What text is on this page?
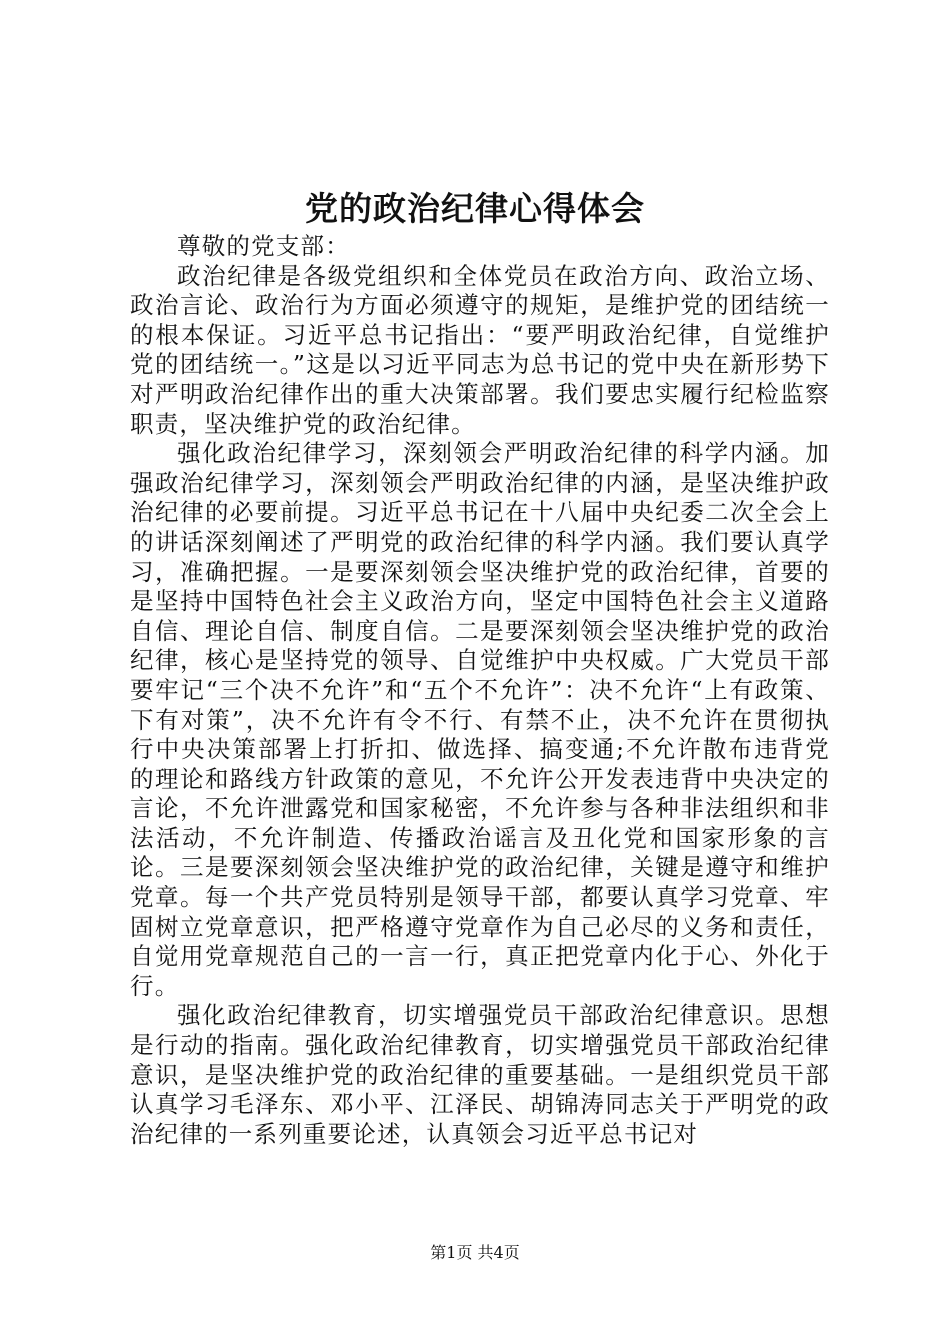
党的政治纪律心得体会

尊敬的党支部：

政治纪律是各级党组织和全体党员在政治方向、政治立场、政治言论、政治行为方面必须遵守的规矩，是维护党的团结统一的根本保证。习近平总书记指出：“要严明政治纪律，自觉维护党的团结统一。”这是以习近平同志为总书记的党中央在新形势下对严明政治纪律作出的重大决策部署。我们要忠实履行纪检监察职责，坚决维护党的政治纪律。

强化政治纪律学习，深刻领会严明政治纪律的科学内涵。加强政治纪律学习，深刻领会严明政治纪律的内涵，是坚决维护政治纪律的必要前提。习近平总书记在十八届中央纪委二次全会上的讲话深刻阐述了严明党的政治纪律的科学内涵。我们要认真学习，准确把握。一是要深刻领会坚决维护党的政治纪律，首要的是坚持中国特色社会主义政治方向，坚定中国特色社会主义道路自信、理论自信、制度自信。二是要深刻领会坚决维护党的政治纪律，核心是坚持党的领导、自觉维护中央权威。广大党员干部要牢记“三个决不允许”和“五个不允许”：决不允许“上有政策、下有对策”，决不允许有令不行、有禁不止，决不允许在贯彻执行中央决策部署上打折扣、做选择、搞变通;不允许散布违背党的理论和路线方针政策的意见，不允许公开发表违背中央决定的言论，不允许泄露党和国家秘密，不允许参与各种非法组织和非法活动，不允许制造、传播政治谣言及丑化党和国家形象的言论。三是要深刻领会坚决维护党的政治纪律，关键是遵守和维护党章。每一个共产党员特别是领导干部，都要认真学习党章、牢固树立党章意识，把严格遵守党章作为自己必尽的义务和责任，自觉用党章规范自己的一言一行，真正把党章内化于心、外化于行。

强化政治纪律教育，切实增强党员干部政治纪律意识。思想是行动的指南。强化政治纪律教育，切实增强党员干部政治纪律意识，是坚决维护党的政治纪律的重要基础。一是组织党员干部认真学习毛泽东、邓小平、江泽民、胡锦涛同志关于严明党的政治纪律的一系列重要论述，认真领会习近平总书记对

第1页 共4页
